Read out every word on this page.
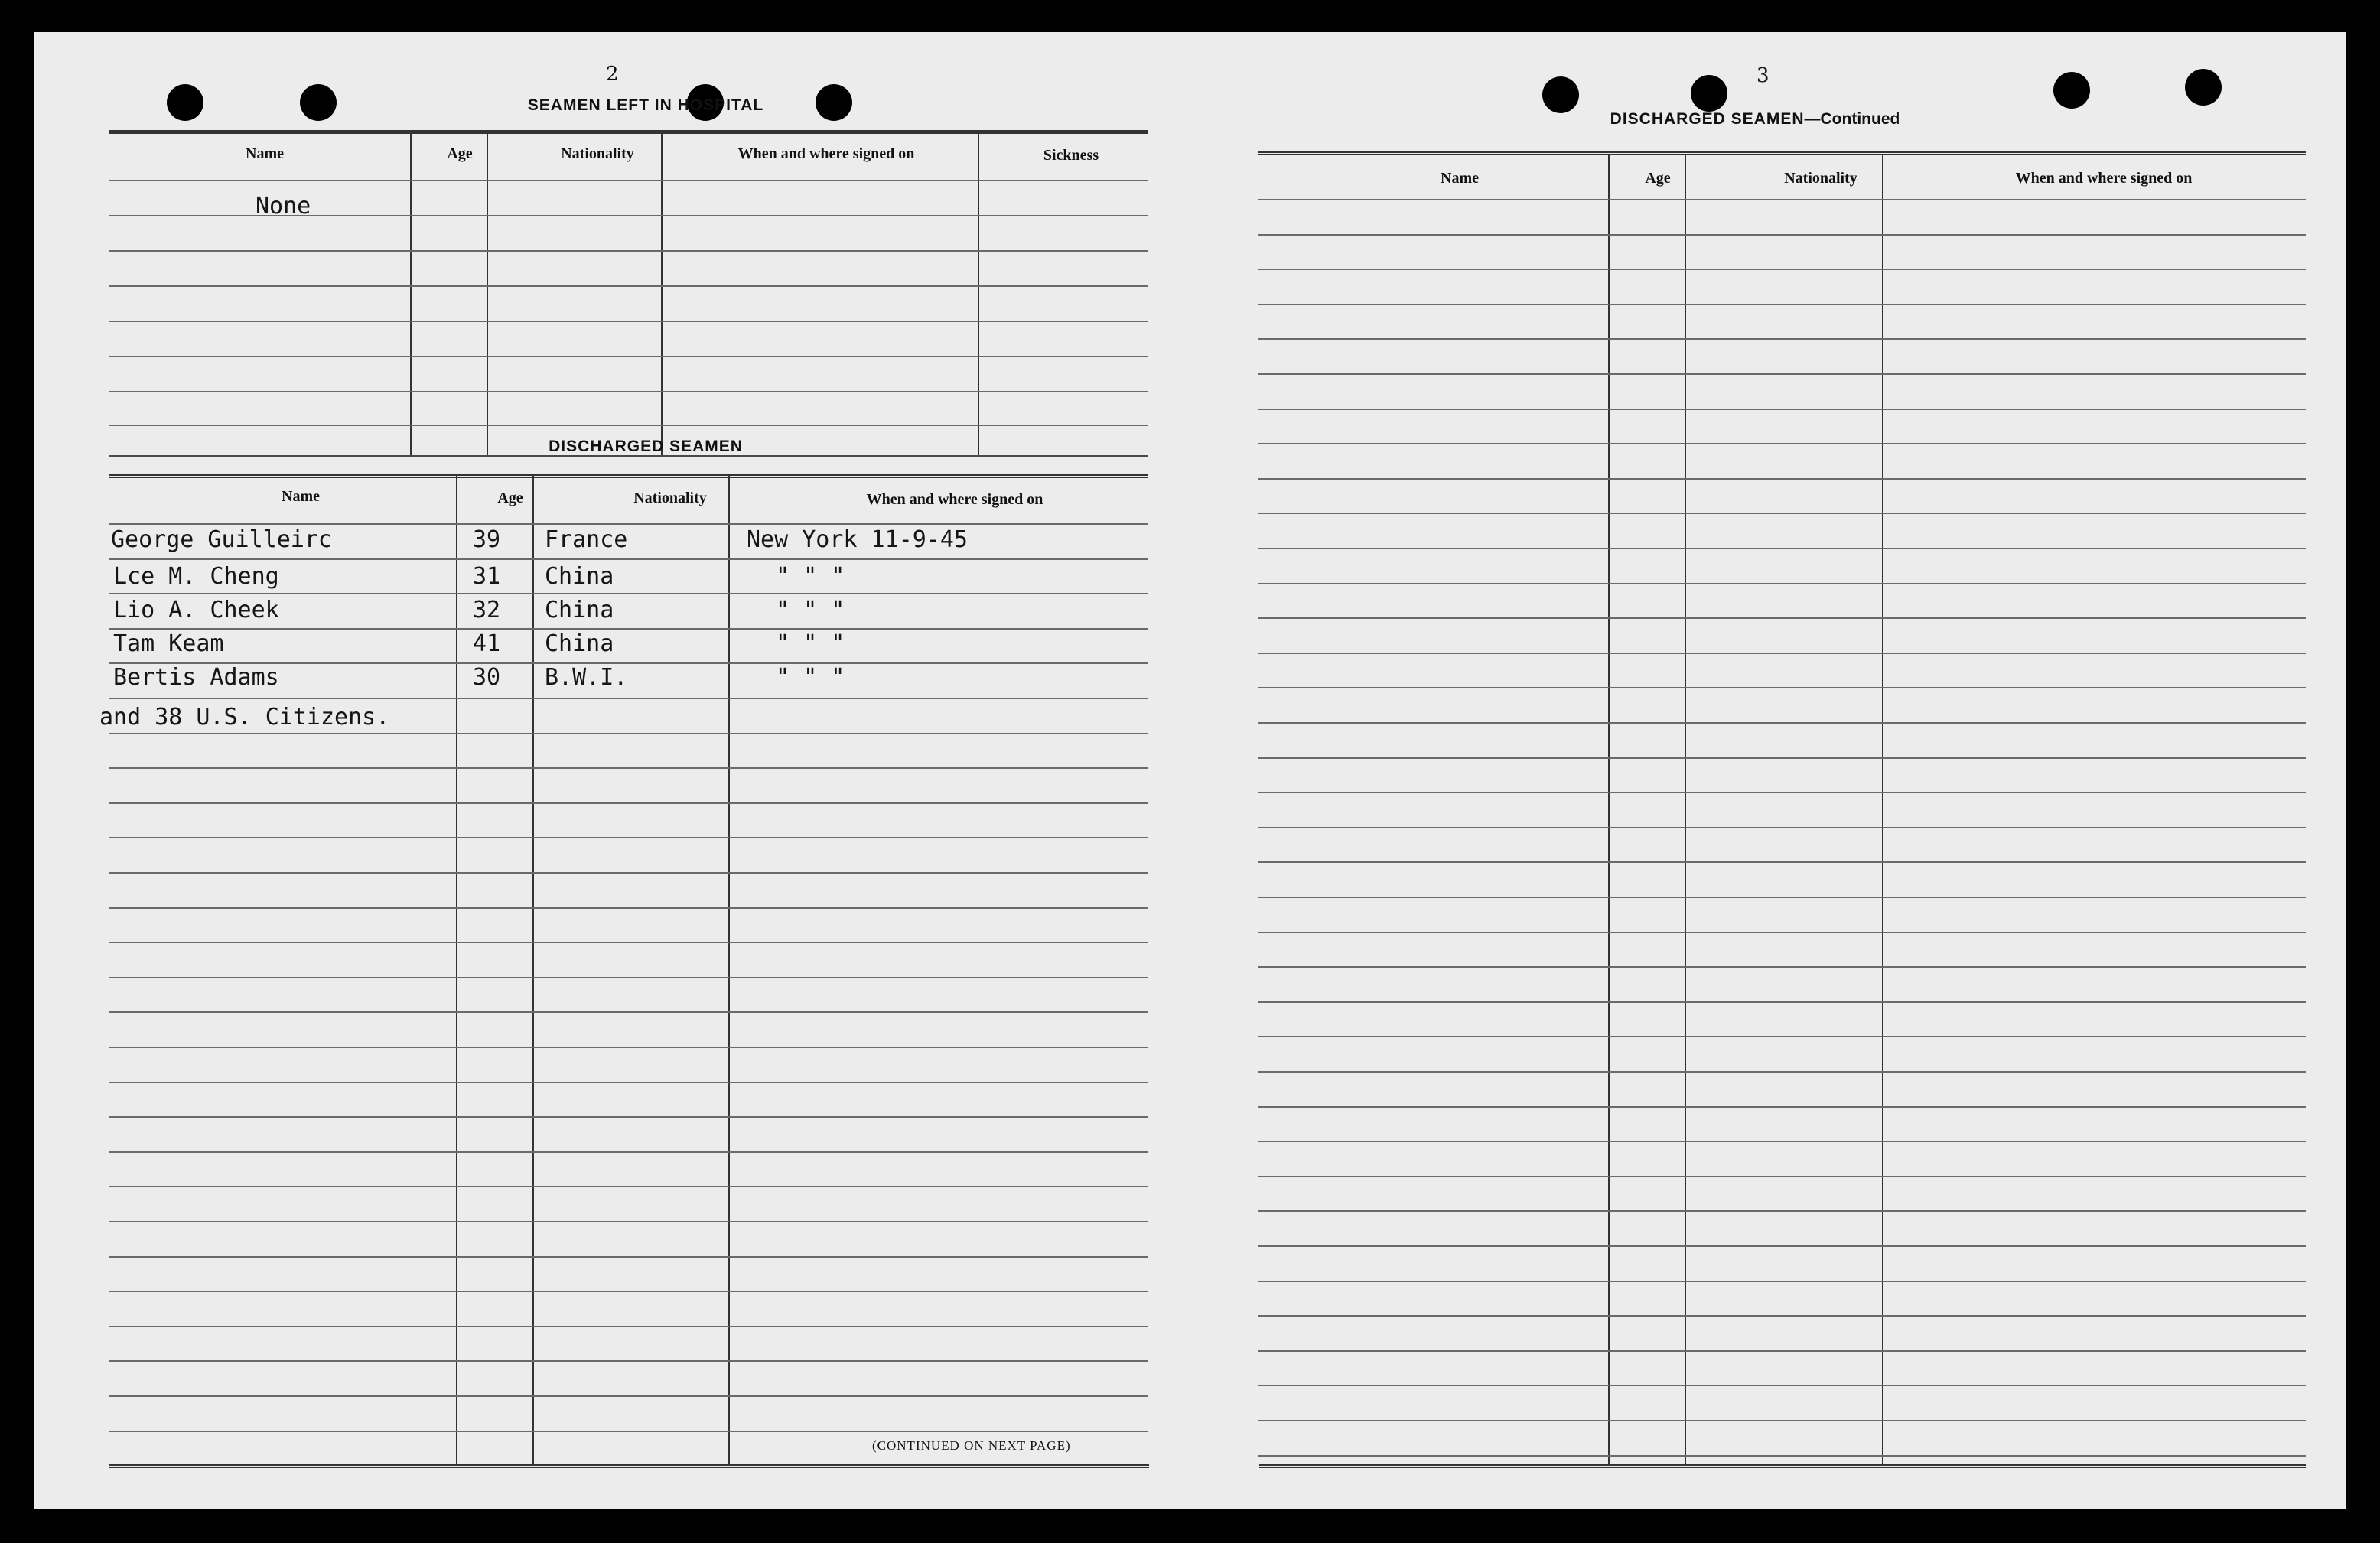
2
SEAMEN LEFT IN HOSPITAL
Name	Age	Nationality	When and where signed on	Sickness
None
DISCHARGED SEAMEN
Name	Age	Nationality	When and where signed on
George Guilleirc	39 France	New York 11-9-45
Lce M. Cheng	31 China	" " "
Lio A. Cheek	32 China	" " "
Tam Keam	41 China	" " "
Bertis Adams	30 B.W.I.	" " "
and 38 U.S. Citizens.
(CONTINUED ON NEXT PAGE)
3
DISCHARGED SEAMEN—Continued
Name	Age	Nationality	When and where signed on
